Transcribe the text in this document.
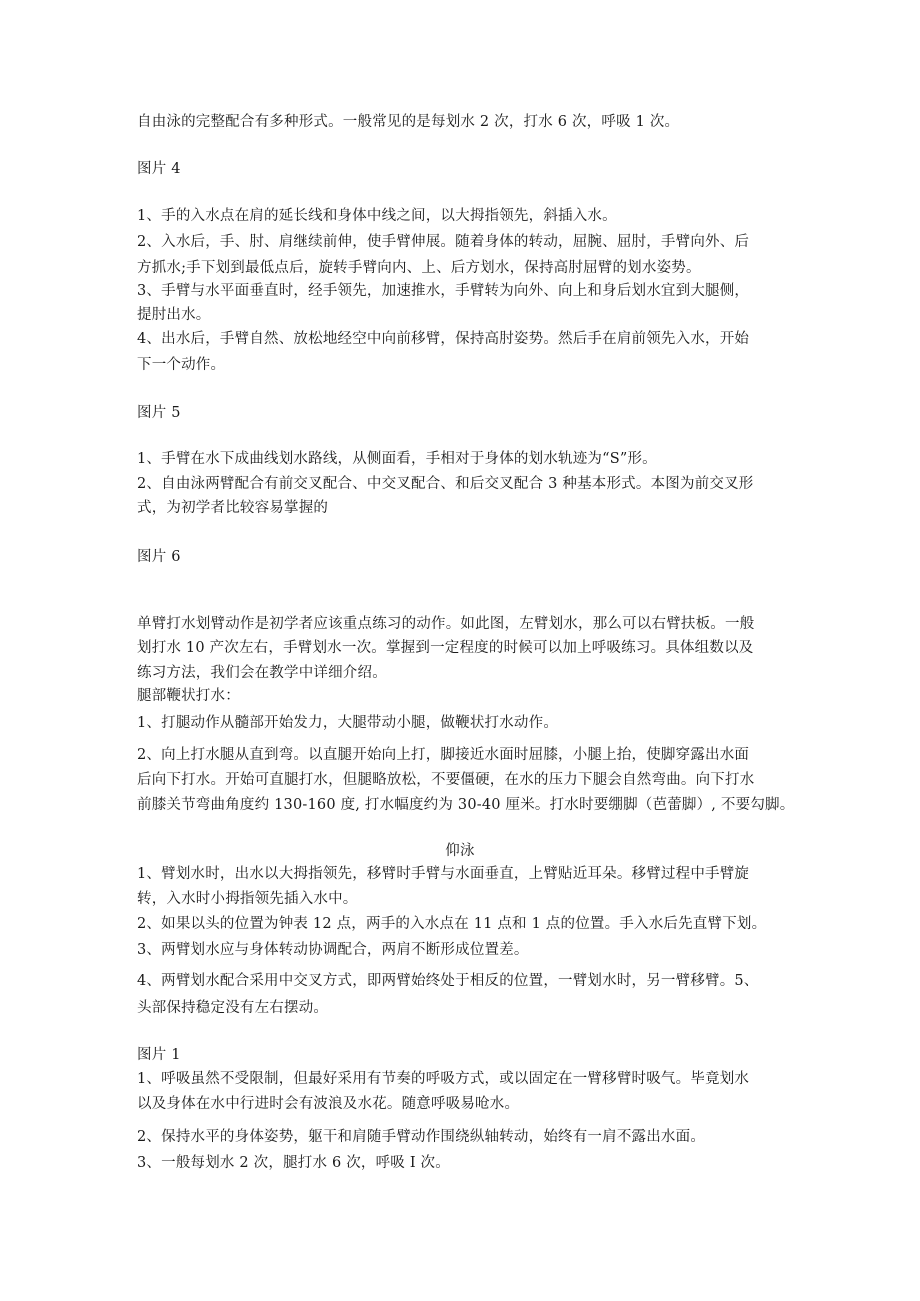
自由泳的完整配合有多种形式。一般常见的是每划水 2 次，打水 6 次，呼吸 1 次。
图片 4
1、手的入水点在肩的延长线和身体中线之间，以大拇指领先，斜插入水。
2、入水后，手、肘、肩继续前伸，使手臂伸展。随着身体的转动，屈腕、屈肘，手臂向外、后
方抓水;手下划到最低点后，旋转手臂向内、上、后方划水，保持高肘屈臂的划水姿势。
3、手臂与水平面垂直时，经手领先，加速推水，手臂转为向外、向上和身后划水宜到大腿侧，
提肘出水。
4、出水后，手臂自然、放松地经空中向前移臂，保持高肘姿势。然后手在肩前领先入水，开始
下一个动作。
图片 5
1、手臂在水下成曲线划水路线，从侧面看，手相对于身体的划水轨迹为“S”形。
2、自由泳两臂配合有前交叉配合、中交叉配合、和后交叉配合 3 种基本形式。本图为前交叉形
式，为初学者比较容易掌握的
图片 6
单臂打水划臂动作是初学者应该重点练习的动作。如此图，左臂划水，那么可以右臂扶板。一般
划打水 10 产次左右，手臂划水一次。掌握到一定程度的时候可以加上呼吸练习。具体组数以及
练习方法，我们会在教学中详细介绍。
腿部鞭状打水：
1、打腿动作从髓部开始发力，大腿带动小腿，做鞭状打水动作。
2、向上打水腿从直到弯。以直腿开始向上打，脚接近水面时屈膝，小腿上抬，使脚穿露出水面
后向下打水。开始可直腿打水，但腿略放松，不要僵硬，在水的压力下腿会自然弯曲。向下打水
前膝关节弯曲角度约 130-160 度, 打水幅度约为 30-40 厘米。打水时要绷脚（芭蕾脚）, 不要勾脚。
仰泳
1、臂划水时，出水以大拇指领先，移臂时手臂与水面垂直，上臂贴近耳朵。移臂过程中手臂旋
转，入水时小拇指领先插入水中。
2、如果以头的位置为钟表 12 点，两手的入水点在 11 点和 1 点的位置。手入水后先直臂下划。
3、两臂划水应与身体转动协调配合，两肩不断形成位置差。
4、两臂划水配合采用中交叉方式，即两臂始终处于相反的位置，一臂划水时，另一臂移臂。5、
头部保持稳定没有左右摆动。
图片 1
1、呼吸虽然不受限制，但最好采用有节奏的呼吸方式，或以固定在一臂移臂时吸气。毕竟划水
以及身体在水中行进时会有波浪及水花。随意呼吸易呛水。
2、保持水平的身体姿势，躯干和肩随手臂动作围绕纵轴转动，始终有一肩不露出水面。
3、一般每划水 2 次，腿打水 6 次，呼吸 I 次。
